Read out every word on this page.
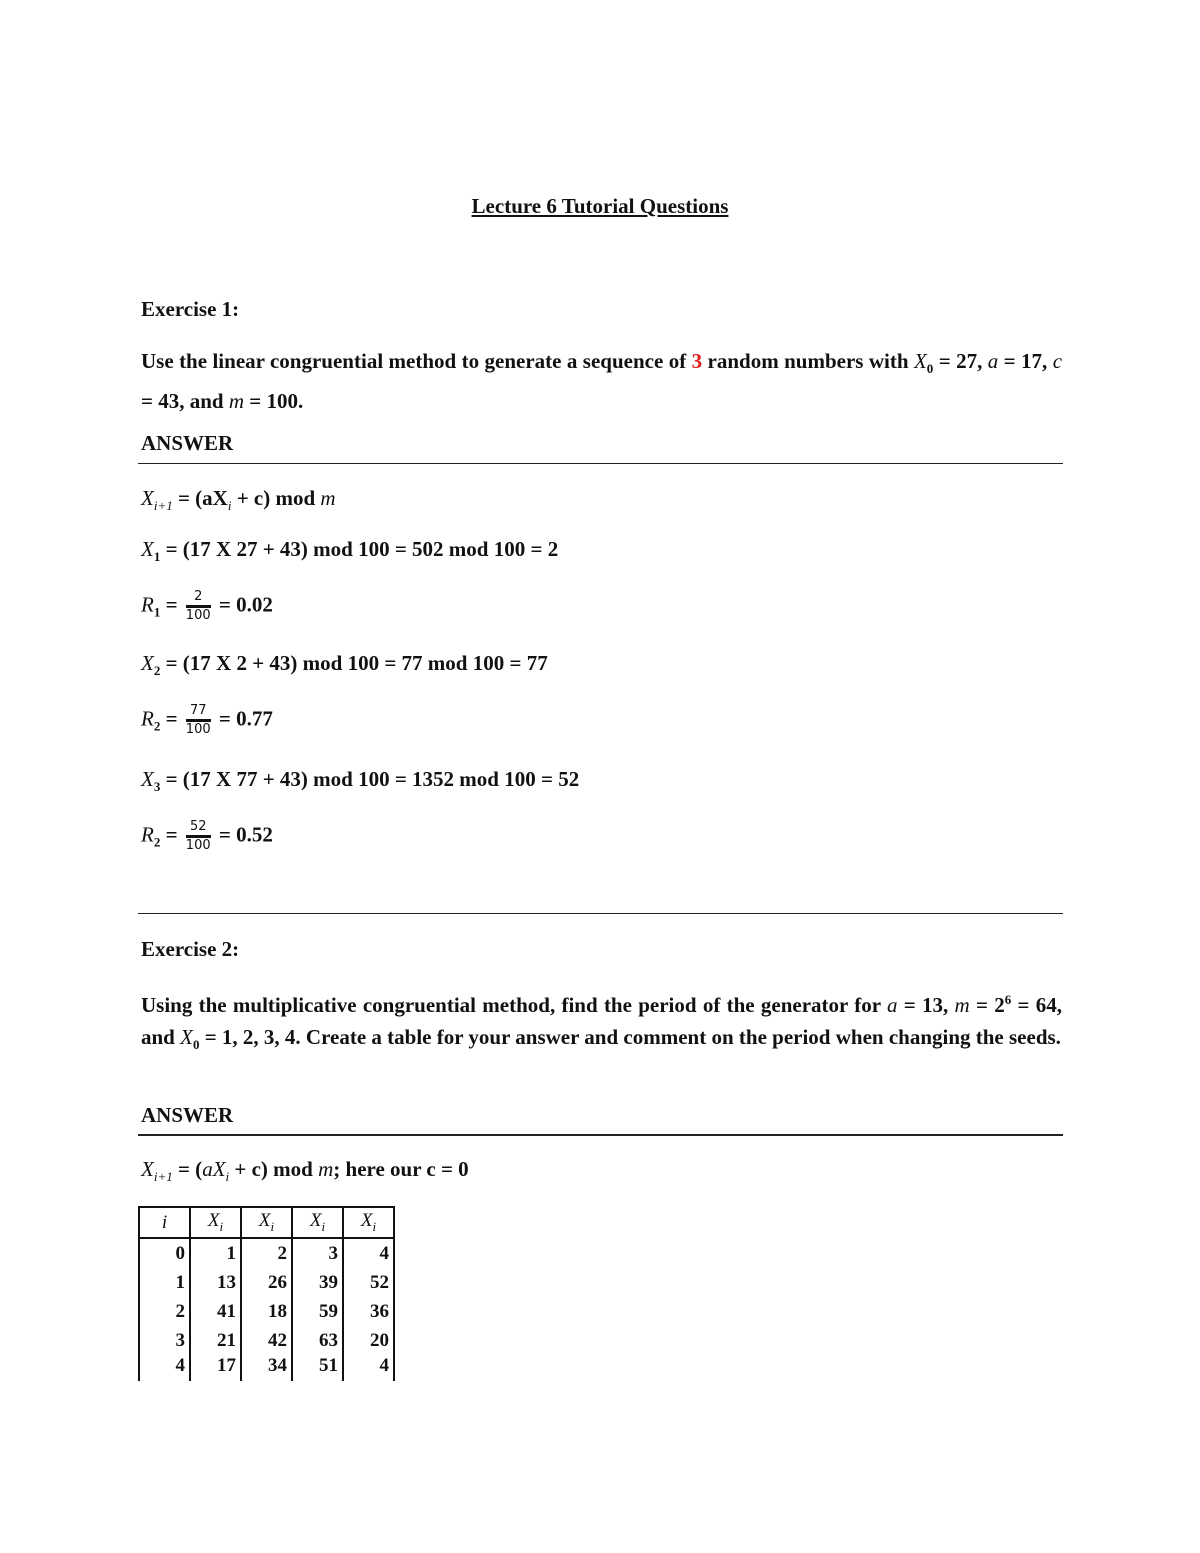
Lecture 6 Tutorial Questions
Exercise 1:
Use the linear congruential method to generate a sequence of 3 random numbers with $X_0 = 27$, a = 17, c = 43, and m = 100.
ANSWER
$X_{i+1} = (aX_i + c)$ mod m
$X_1 = (17$ X 27 + 43) mod 100 = 502 mod 100 = 2
$R_1 = \frac{2}{100} = 0.02$
$X_2 = (17$ X 2 + 43) mod 100 = 77 mod 100 = 77
$R_2 = \frac{77}{100} = 0.77$
$X_3 = (17$ X 77 + 43) mod 100 = 1352 mod 100 = 52
$R_2 = \frac{52}{100} = 0.52$
Exercise 2:
Using the multiplicative congruential method, find the period of the generator for a = 13, $m = 2^6 = 64$, and $X_0 = 1$, 2, 3, 4. Create a table for your answer and comment on the period when changing the seeds.
ANSWER
$X_{i+1} = (aX_i + c)$ mod m; here our c = 0
i	$X_i$	$X_i$	$X_i$	$X_i$
0	1	2	3	4
1	13	26	39	52
2	41	18	59	36
3	21	42	63	20
4	17	34	51	4
